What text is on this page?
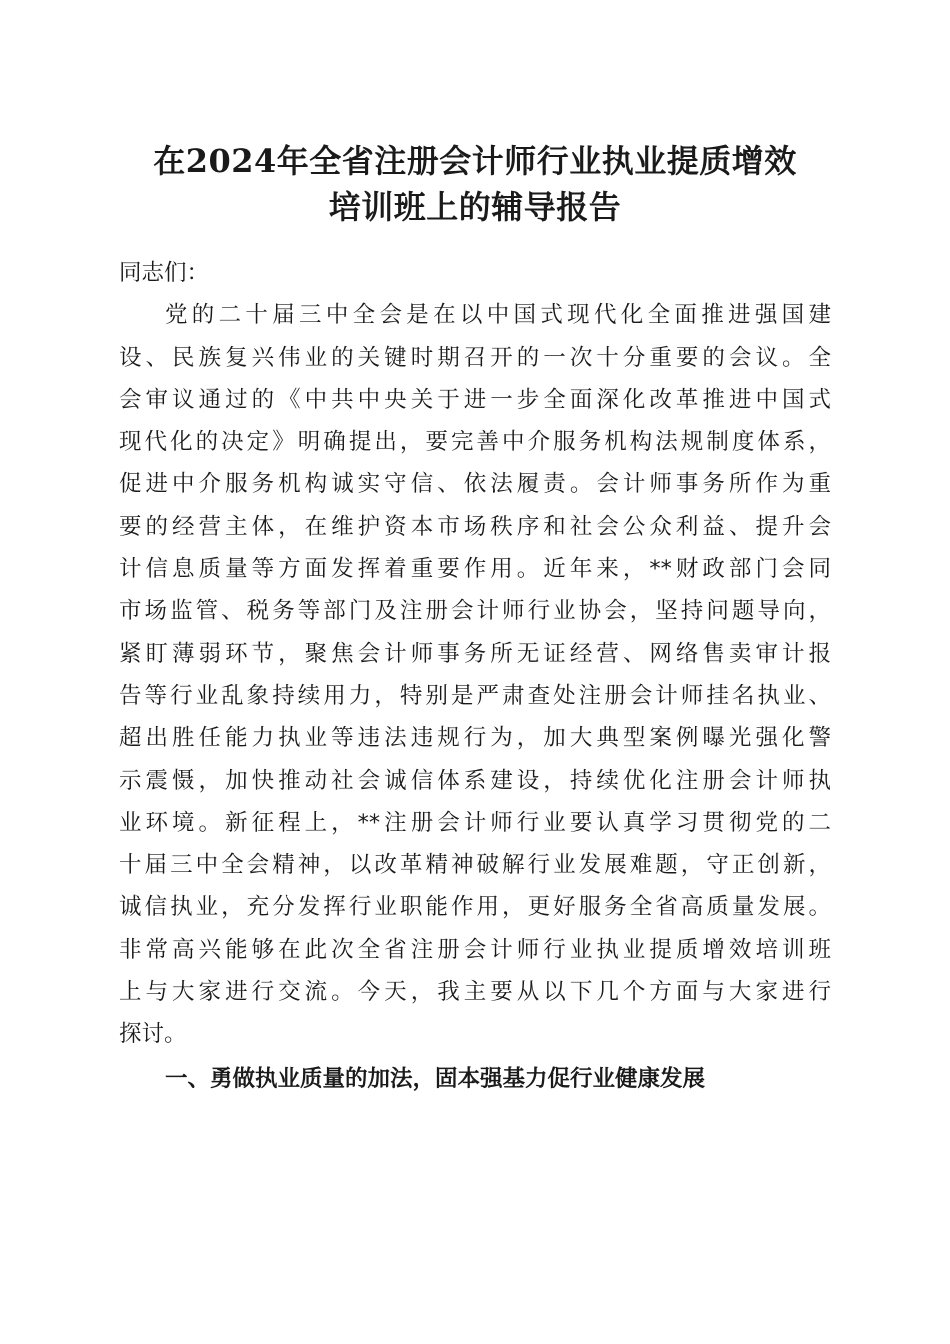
在2024年全省注册会计师行业执业提质增效
培训班上的辅导报告
同志们：
党的二十届三中全会是在以中国式现代化全面推进强国建
设、民族复兴伟业的关键时期召开的一次十分重要的会议。全
会审议通过的《中共中央关于进一步全面深化改革推进中国式
现代化的决定》明确提出，要完善中介服务机构法规制度体系，
促进中介服务机构诚实守信、依法履责。会计师事务所作为重
要的经营主体，在维护资本市场秩序和社会公众利益、提升会
计信息质量等方面发挥着重要作用。近年来，**财政部门会同
市场监管、税务等部门及注册会计师行业协会，坚持问题导向，
紧盯薄弱环节，聚焦会计师事务所无证经营、网络售卖审计报
告等行业乱象持续用力，特别是严肃查处注册会计师挂名执业、
超出胜任能力执业等违法违规行为，加大典型案例曝光强化警
示震慑，加快推动社会诚信体系建设，持续优化注册会计师执
业环境。新征程上，**注册会计师行业要认真学习贯彻党的二
十届三中全会精神，以改革精神破解行业发展难题，守正创新，
诚信执业，充分发挥行业职能作用，更好服务全省高质量发展。
非常高兴能够在此次全省注册会计师行业执业提质增效培训班
上与大家进行交流。今天，我主要从以下几个方面与大家进行
探讨。
一、勇做执业质量的加法，固本强基力促行业健康发展
